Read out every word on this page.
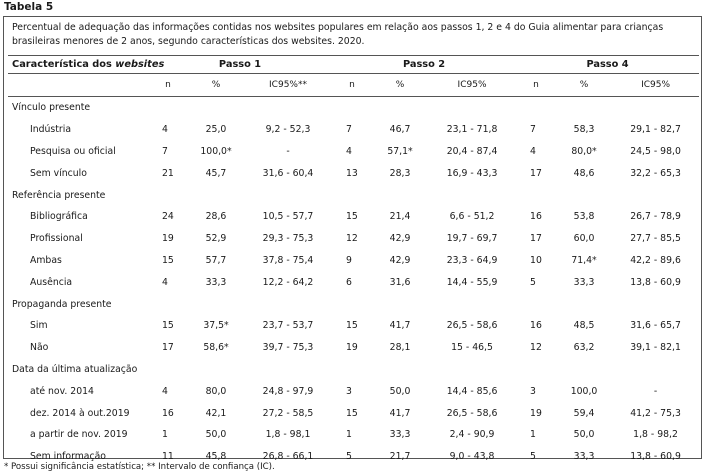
Tabela 5
Percentual de adequação das informações contidas nos websites populares em relação aos passos 1, 2 e 4 do Guia alimentar para crianças brasileiras menores de 2 anos, segundo características dos websites. 2020.
Característica dos websites	Passo 1			Passo 2			Passo 4		
	n	%	IC95%**	n	%	IC95%	n	%	IC95%
Vínculo presente									
Indústria	4	25,0	9,2 - 52,3	7	46,7	23,1 - 71,8	7	58,3	29,1 - 82,7
Pesquisa ou oficial	7	100,0*	-	4	57,1*	20,4 - 87,4	4	80,0*	24,5 - 98,0
Sem vínculo	21	45,7	31,6 - 60,4	13	28,3	16,9 - 43,3	17	48,6	32,2 - 65,3
Referência presente									
Bibliográfica	24	28,6	10,5 - 57,7	15	21,4	6,6 - 51,2	16	53,8	26,7 - 78,9
Profissional	19	52,9	29,3 - 75,3	12	42,9	19,7 - 69,7	17	60,0	27,7 - 85,5
Ambas	15	57,7	37,8 - 75,4	9	42,9	23,3 - 64,9	10	71,4*	42,2 - 89,6
Ausência	4	33,3	12,2 - 64,2	6	31,6	14,4 - 55,9	5	33,3	13,8 - 60,9
Propaganda presente									
Sim	15	37,5*	23,7 - 53,7	15	41,7	26,5 - 58,6	16	48,5	31,6 - 65,7
Não	17	58,6*	39,7 - 75,3	19	28,1	15 - 46,5	12	63,2	39,1 - 82,1
Data da última atualização									
até nov. 2014	4	80,0	24,8 - 97,9	3	50,0	14,4 - 85,6	3	100,0	-
dez. 2014 à out.2019	16	42,1	27,2 - 58,5	15	41,7	26,5 - 58,6	19	59,4	41,2 - 75,3
a partir de nov. 2019	1	50,0	1,8 - 98,1	1	33,3	2,4 - 90,9	1	50,0	1,8 - 98,2
Sem informação	11	45,8	26,8 - 66,1	5	21,7	9,0 - 43,8	5	33,3	13,8 - 60,9
* Possui significância estatística; ** Intervalo de confiança (IC).
